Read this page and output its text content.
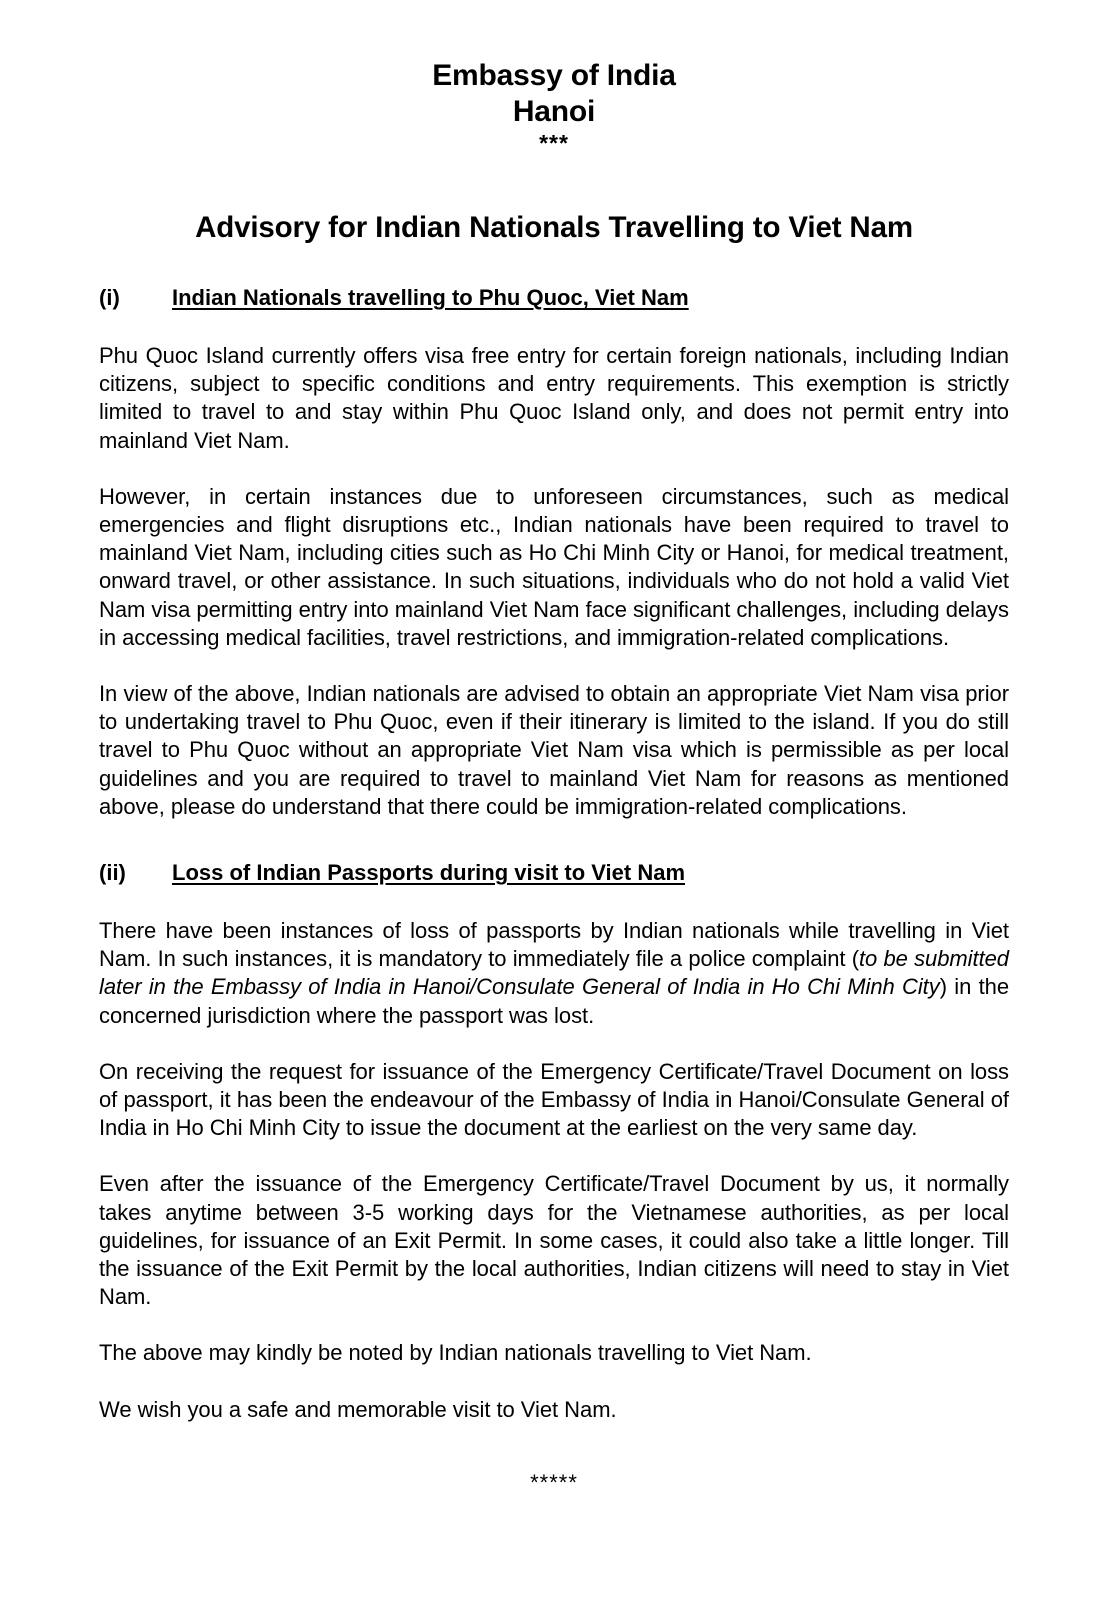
Embassy of India
Hanoi
***
Advisory for Indian Nationals Travelling to Viet Nam
(i)	Indian Nationals travelling to Phu Quoc, Viet Nam

Phu Quoc Island currently offers visa free entry for certain foreign nationals, including Indian citizens, subject to specific conditions and entry requirements. This exemption is strictly limited to travel to and stay within Phu Quoc Island only, and does not permit entry into mainland Viet Nam.

However, in certain instances due to unforeseen circumstances, such as medical emergencies and flight disruptions etc., Indian nationals have been required to travel to mainland Viet Nam, including cities such as Ho Chi Minh City or Hanoi, for medical treatment, onward travel, or other assistance. In such situations, individuals who do not hold a valid Viet Nam visa permitting entry into mainland Viet Nam face significant challenges, including delays in accessing medical facilities, travel restrictions, and immigration-related complications.

In view of the above, Indian nationals are advised to obtain an appropriate Viet Nam visa prior to undertaking travel to Phu Quoc, even if their itinerary is limited to the island. If you do still travel to Phu Quoc without an appropriate Viet Nam visa which is permissible as per local guidelines and you are required to travel to mainland Viet Nam for reasons as mentioned above, please do understand that there could be immigration-related complications.

(ii)	Loss of Indian Passports during visit to Viet Nam

There have been instances of loss of passports by Indian nationals while travelling in Viet Nam. In such instances, it is mandatory to immediately file a police complaint (to be submitted later in the Embassy of India in Hanoi/Consulate General of India in Ho Chi Minh City) in the concerned jurisdiction where the passport was lost.

On receiving the request for issuance of the Emergency Certificate/Travel Document on loss of passport, it has been the endeavour of the Embassy of India in Hanoi/Consulate General of India in Ho Chi Minh City to issue the document at the earliest on the very same day.

Even after the issuance of the Emergency Certificate/Travel Document by us, it normally takes anytime between 3-5 working days for the Vietnamese authorities, as per local guidelines, for issuance of an Exit Permit. In some cases, it could also take a little longer. Till the issuance of the Exit Permit by the local authorities, Indian citizens will need to stay in Viet Nam.

The above may kindly be noted by Indian nationals travelling to Viet Nam.

We wish you a safe and memorable visit to Viet Nam.

*****
